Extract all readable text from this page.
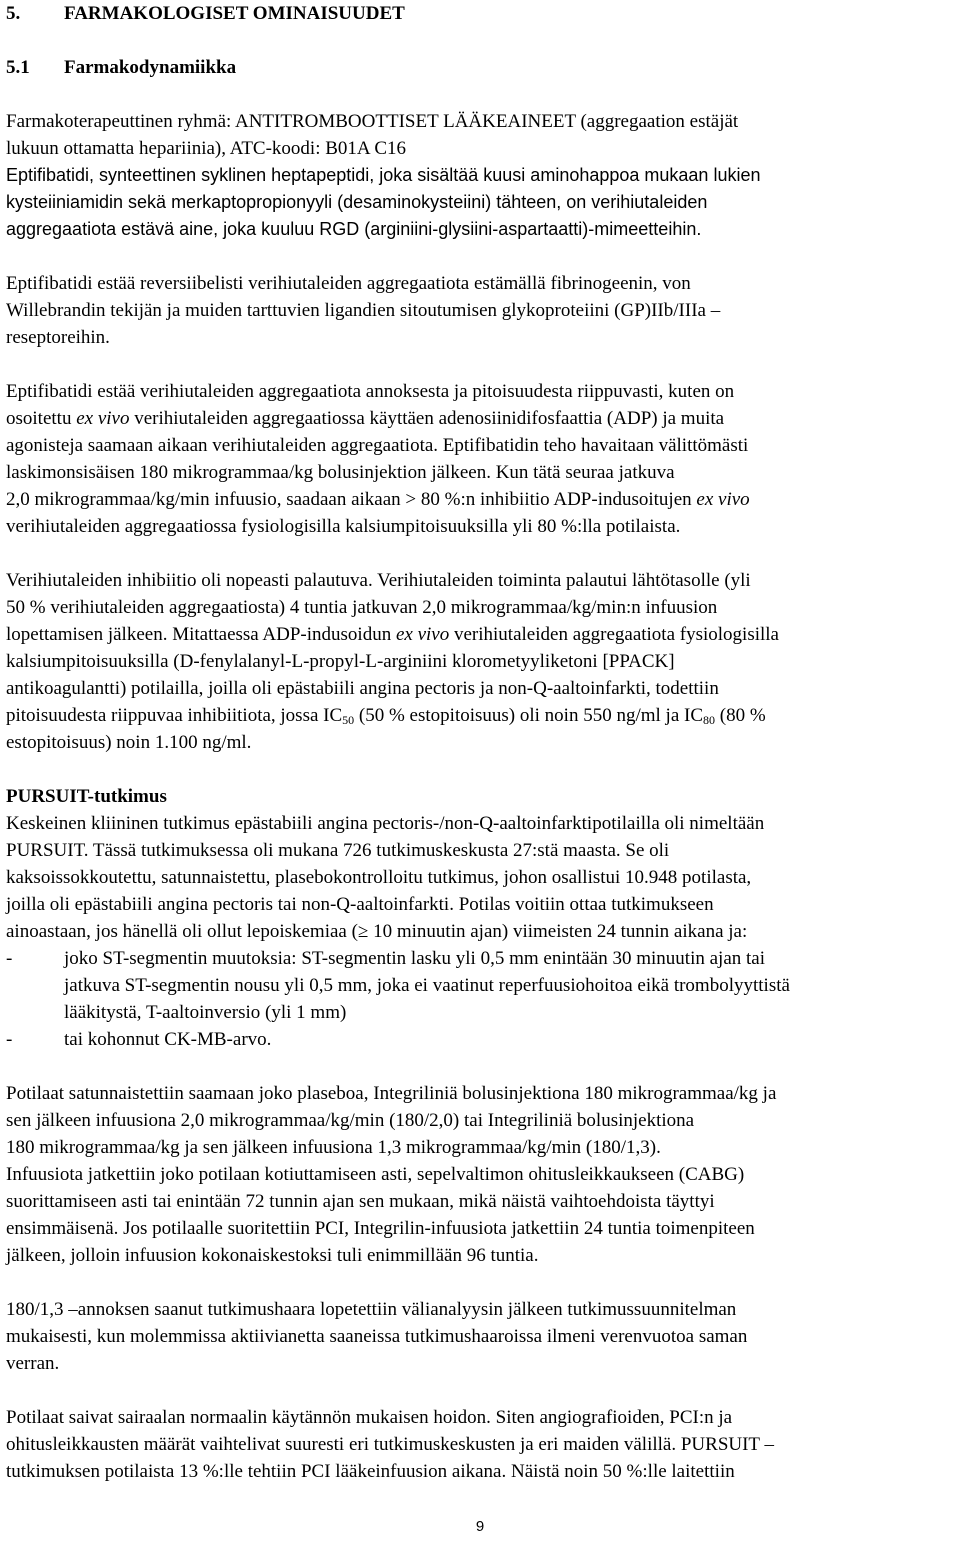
5. FARMAKOLOGISET OMINAISUUDET
5.1 Farmakodynamiikka

Farmakoterapeuttinen ryhmä: ANTITROMBOOTTISET LÄÄKEAINEET (aggregaation estäjät
lukuun ottamatta hepariinia), ATC-koodi: B01A C16
Eptifibatidi, synteettinen syklinen heptapeptidi, joka sisältää kuusi aminohappoa mukaan lukien
kysteiiniamidin sekä merkaptopropionyyli (desaminokysteiini) tähteen, on verihiutaleiden
aggregaatiota estävä aine, joka kuuluu RGD (arginiini-glysiini-aspartaatti)-mimeetteihin.

Eptifibatidi estää reversiibelisti verihiutaleiden aggregaatiota estämällä fibrinogeenin, von
Willebrandin tekijän ja muiden tarttuvien ligandien sitoutumisen glykoproteiini (GP)IIb/IIIa –
reseptoreihin.

Eptifibatidi estää verihiutaleiden aggregaatiota annoksesta ja pitoisuudesta riippuvasti, kuten on
osoitettu ex vivo verihiutaleiden aggregaatiossa käyttäen adenosiinidifosfaattia (ADP) ja muita
agonisteja saamaan aikaan verihiutaleiden aggregaatiota. Eptifibatidin teho havaitaan välittömästi
laskimonsisäisen 180 mikrogrammaa/kg bolusinjektion jälkeen. Kun tätä seuraa jatkuva
2,0 mikrogrammaa/kg/min infuusio, saadaan aikaan > 80 %:n inhibiitio ADP-indusoitujen ex vivo
verihiutaleiden aggregaatiossa fysiologisilla kalsiumpitoisuuksilla yli 80 %:lla potilaista.

Verihiutaleiden inhibiitio oli nopeasti palautuva. Verihiutaleiden toiminta palautui lähtötasolle (yli
50 % verihiutaleiden aggregaatiosta) 4 tuntia jatkuvan 2,0 mikrogrammaa/kg/min:n infuusion
lopettamisen jälkeen. Mitattaessa ADP-indusoidun ex vivo verihiutaleiden aggregaatiota fysiologisilla
kalsiumpitoisuuksilla (D-fenylalanyl-L-propyl-L-arginiini klorometyyliketoni [PPACK]
antikoagulantti) potilailla, joilla oli epästabiili angina pectoris ja non-Q-aaltoinfarkti, todettiin
pitoisuudesta riippuvaa inhibiitiota, jossa $IC_{50}$ (50 % estopitoisuus) oli noin 550 ng/ml ja $IC_{80}$ (80 %
estopitoisuus) noin 1.100 ng/ml.

PURSUIT-tutkimus

Keskeinen kliininen tutkimus epästabiili angina pectoris-/non-Q-aaltoinfarktipotilailla oli nimeltään
PURSUIT. Tässä tutkimuksessa oli mukana 726 tutkimuskeskusta 27:stä maasta. Se oli
kaksoissokkoutettu, satunnaistettu, plasebokontrolloitu tutkimus, johon osallistui 10.948 potilasta,
joilla oli epästabiili angina pectoris tai non-Q-aaltoinfarkti. Potilas voitiin ottaa tutkimukseen
ainoastaan, jos hänellä oli ollut lepoiskemiaa (≥ 10 minuutin ajan) viimeisten 24 tunnin aikana ja:

-	joko ST-segmentin muutoksia: ST-segmentin lasku yli 0,5 mm enintään 30 minuutin ajan tai
jatkuva ST-segmentin nousu yli 0,5 mm, joka ei vaatinut reperfuusiohoitoa eikä trombolyyttistä
lääkitystä, T-aaltoinversio (yli 1 mm)
-	tai kohonnut CK-MB-arvo.

Potilaat satunnaistettiin saamaan joko plaseboa, Integriliniä bolusinjektiona 180 mikrogrammaa/kg ja
sen jälkeen infuusiona 2,0 mikrogrammaa/kg/min (180/2,0) tai Integriliniä bolusinjektiona
180 mikrogrammaa/kg ja sen jälkeen infuusiona 1,3 mikrogrammaa/kg/min (180/1,3).
Infuusiota jatkettiin joko potilaan kotiuttamiseen asti, sepelvaltimon ohitusleikkaukseen (CABG)
suorittamiseen asti tai enintään 72 tunnin ajan sen mukaan, mikä näistä vaihtoehdoista täyttyi
ensimmäisenä. Jos potilaalle suoritettiin PCI, Integrilin-infuusiota jatkettiin 24 tuntia toimenpiteen
jälkeen, jolloin infuusion kokonaiskestoksi tuli enimmillään 96 tuntia.

180/1,3 –annoksen saanut tutkimushaara lopetettiin välianalyysin jälkeen tutkimussuunnitelman
mukaisesti, kun molemmissa aktiivianetta saaneissa tutkimushaaroissa ilmeni verenvuotoa saman
verran.

Potilaat saivat sairaalan normaalin käytännön mukaisen hoidon. Siten angiografioiden, PCI:n ja
ohitusleikkausten määrät vaihtelivat suuresti eri tutkimuskeskusten ja eri maiden välillä. PURSUIT –
tutkimuksen potilaista 13 %:lle tehtiin PCI lääkeinfuusion aikana. Näistä noin 50 %:lle laitettiin

9
